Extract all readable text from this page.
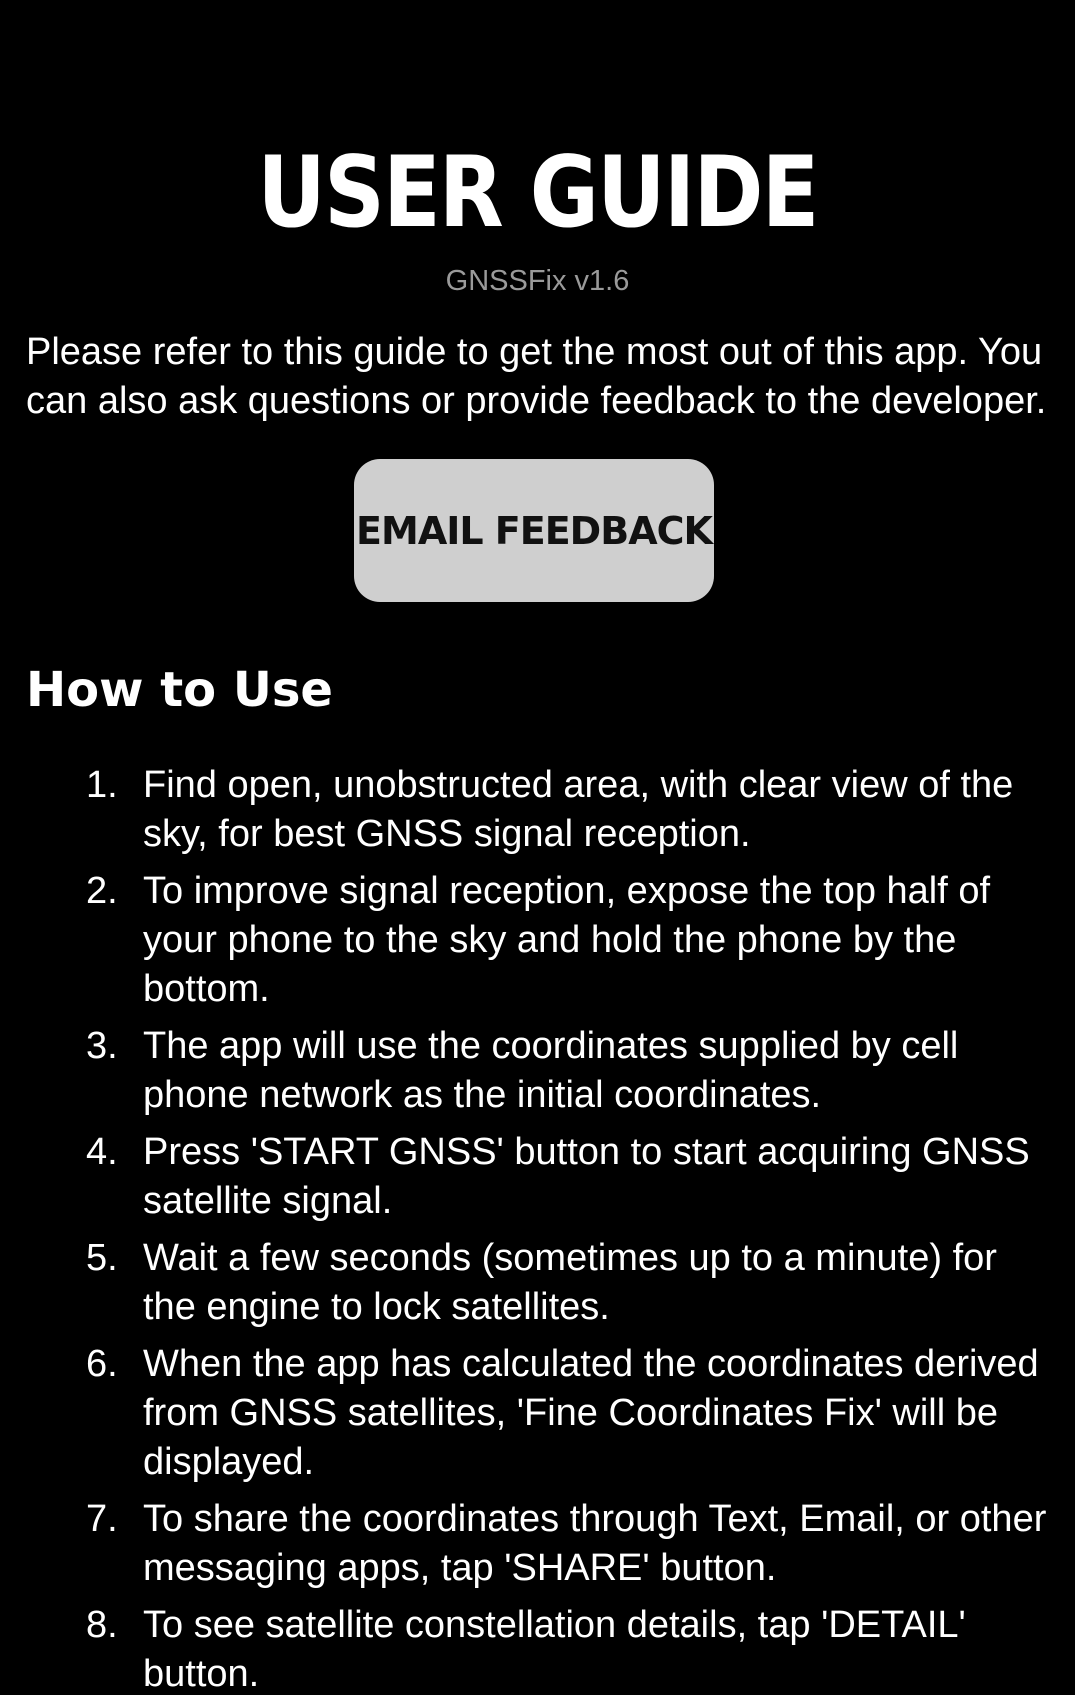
USER GUIDE
GNSSFix v1.6

Please refer to this guide to get the most out of this app. You can also ask questions or provide feedback to the developer.

EMAIL FEEDBACK
How to Use
1. Find open, unobstructed area, with clear view of the sky, for best GNSS signal reception.
2. To improve signal reception, expose the top half of your phone to the sky and hold the phone by the bottom.
3. The app will use the coordinates supplied by cell phone network as the initial coordinates.
4. Press 'START GNSS' button to start acquiring GNSS satellite signal.
5. Wait a few seconds (sometimes up to a minute) for the engine to lock satellites.
6. When the app has calculated the coordinates derived from GNSS satellites, 'Fine Coordinates Fix' will be displayed.
7. To share the coordinates through Text, Email, or other messaging apps, tap 'SHARE' button.
8. To see satellite constellation details, tap 'DETAIL' button.
